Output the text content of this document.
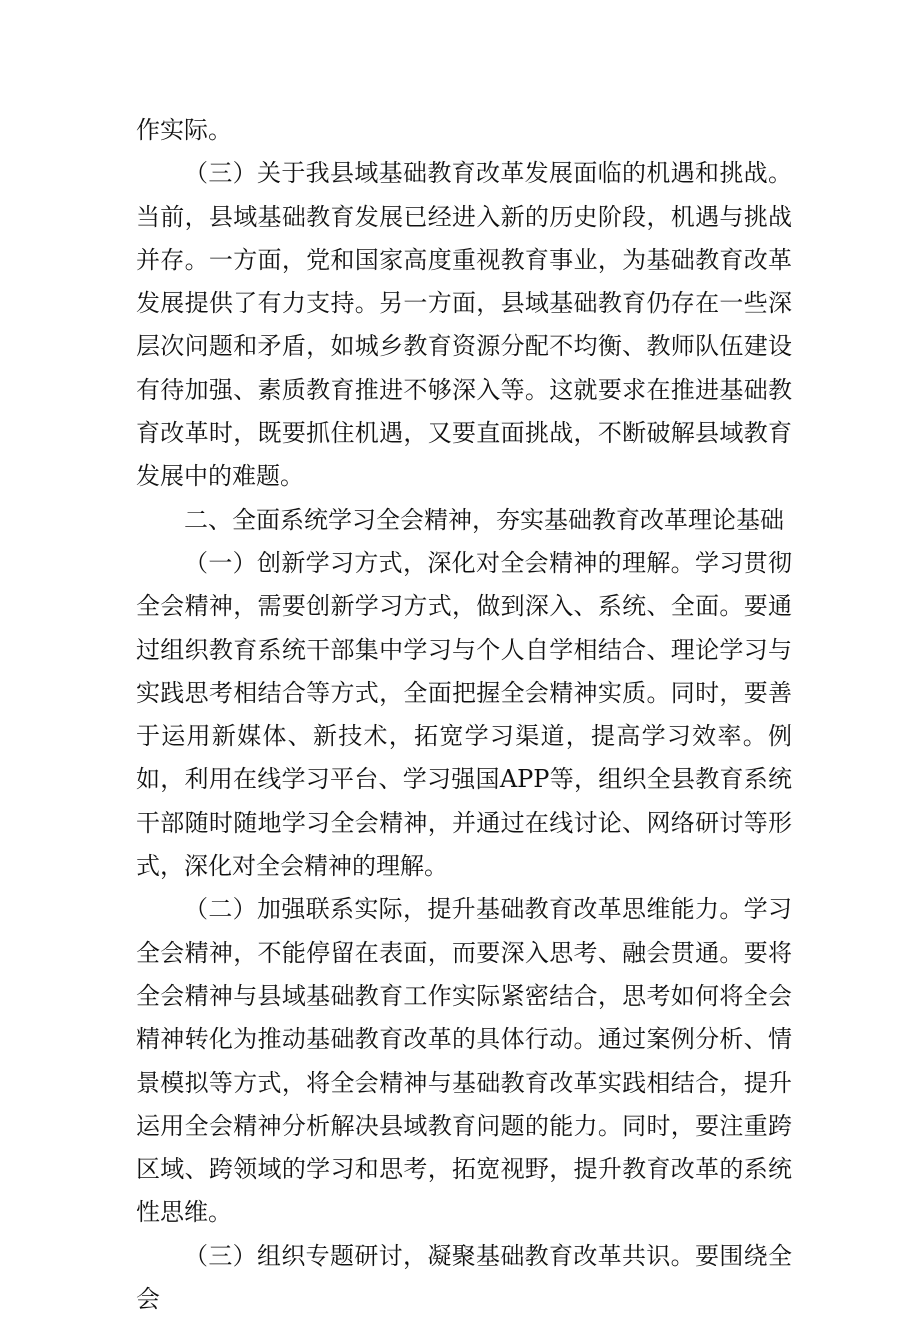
作实际。

（三）关于我县域基础教育改革发展面临的机遇和挑战。当前，县域基础教育发展已经进入新的历史阶段，机遇与挑战并存。一方面，党和国家高度重视教育事业，为基础教育改革发展提供了有力支持。另一方面，县域基础教育仍存在一些深层次问题和矛盾，如城乡教育资源分配不均衡、教师队伍建设有待加强、素质教育推进不够深入等。这就要求在推进基础教育改革时，既要抓住机遇，又要直面挑战，不断破解县域教育发展中的难题。

二、全面系统学习全会精神，夯实基础教育改革理论基础

（一）创新学习方式，深化对全会精神的理解。学习贯彻全会精神，需要创新学习方式，做到深入、系统、全面。要通过组织教育系统干部集中学习与个人自学相结合、理论学习与实践思考相结合等方式，全面把握全会精神实质。同时，要善于运用新媒体、新技术，拓宽学习渠道，提高学习效率。例如，利用在线学习平台、学习强国APP等，组织全县教育系统干部随时随地学习全会精神，并通过在线讨论、网络研讨等形式，深化对全会精神的理解。

（二）加强联系实际，提升基础教育改革思维能力。学习全会精神，不能停留在表面，而要深入思考、融会贯通。要将全会精神与县域基础教育工作实际紧密结合，思考如何将全会精神转化为推动基础教育改革的具体行动。通过案例分析、情景模拟等方式，将全会精神与基础教育改革实践相结合，提升运用全会精神分析解决县域教育问题的能力。同时，要注重跨区域、跨领域的学习和思考，拓宽视野，提升教育改革的系统性思维。

（三）组织专题研讨，凝聚基础教育改革共识。要围绕全会
